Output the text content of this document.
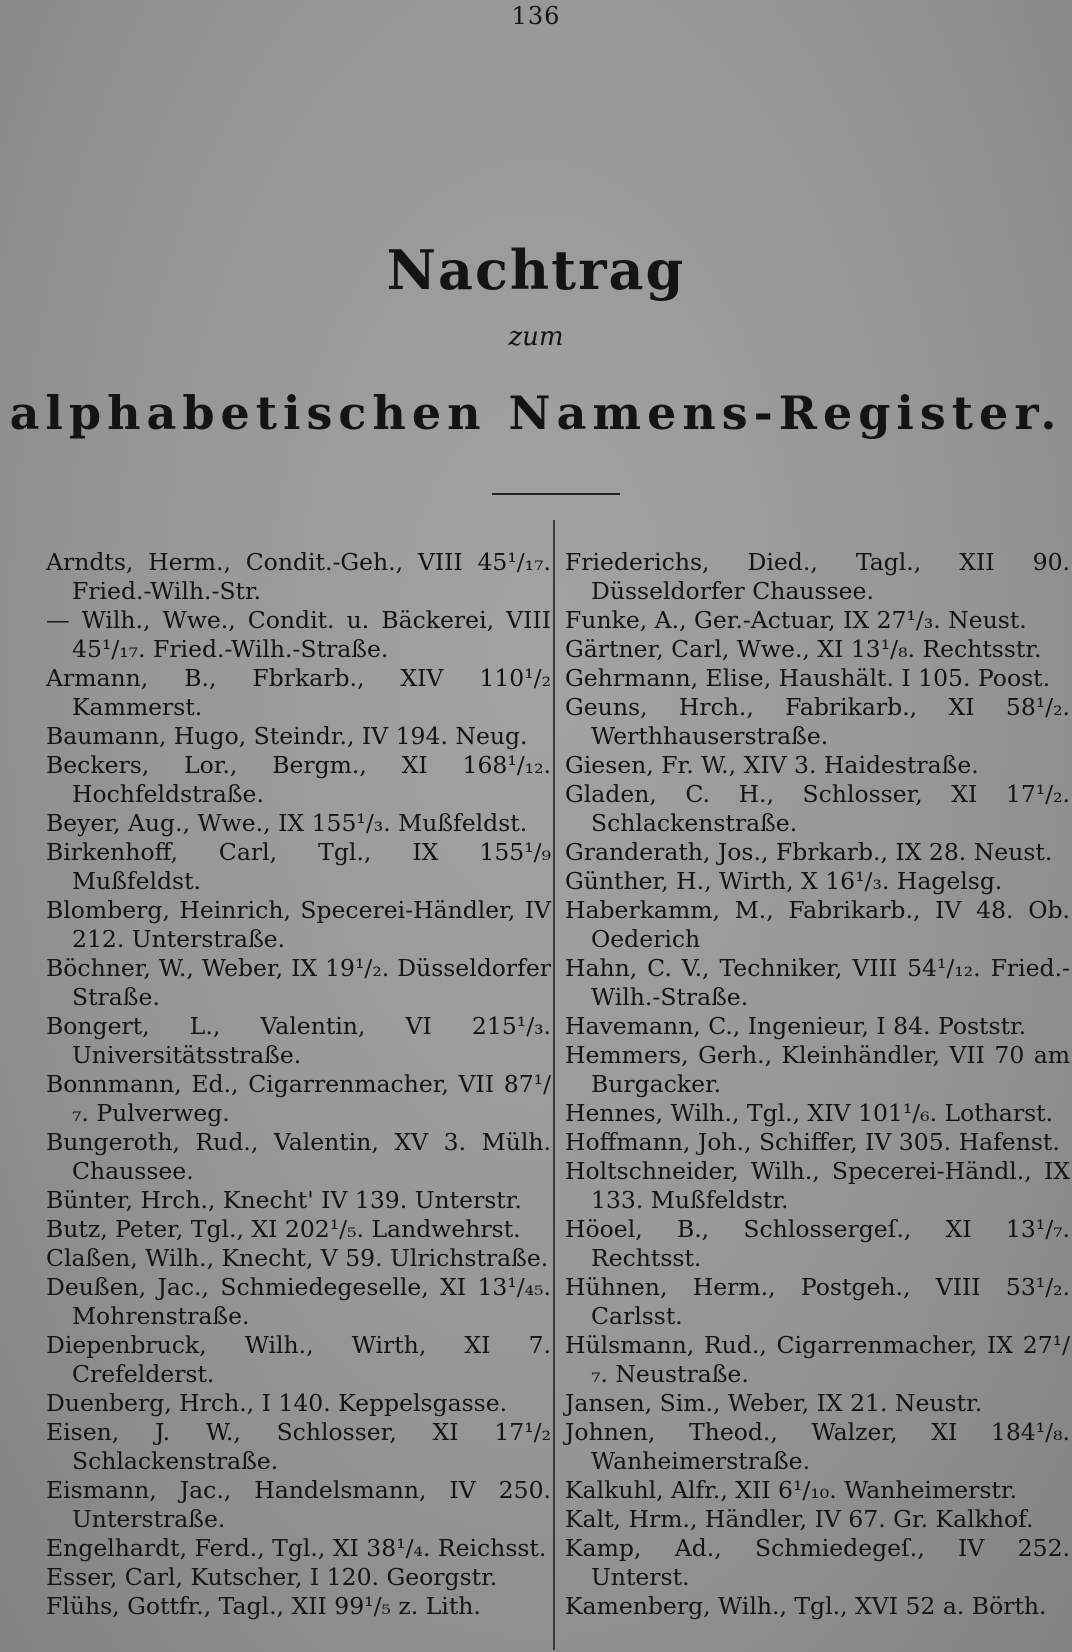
136
Nachtrag
zum
alphabetischen Namens-Register.

Arndts, Herm., Condit.-Geh., VIII 45¹/₁₇. Fried.-Wilh.-Str.

— Wilh., Wwe., Condit. u. Bäckerei, VIII 45¹/₁₇. Fried.-Wilh.-Straße.

Armann, B., Fbrkarb., XIV 110¹/₂ Kammerst.

Baumann, Hugo, Steindr., IV 194. Neug.

Beckers, Lor., Bergm., XI 168¹/₁₂. Hochfeldstraße.

Beyer, Aug., Wwe., IX 155¹/₃. Mußfeldst.

Birkenhoff, Carl, Tgl., IX 155¹/₉ Mußfeldst.

Blomberg, Heinrich, Specerei-Händler, IV 212. Unterstraße.

Böchner, W., Weber, IX 19¹/₂. Düsseldorfer Straße.

Bongert, L., Valentin, VI 215¹/₃. Universitätsstraße.

Bonnmann, Ed., Cigarrenmacher, VII 87¹/₇. Pulverweg.

Bungeroth, Rud., Valentin, XV 3. Mülh. Chaussee.

Bünter, Hrch., Knecht' IV 139. Unterstr.

Butz, Peter, Tgl., XI 202¹/₅. Landwehrst.

Claßen, Wilh., Knecht, V 59. Ulrichstraße.

Deußen, Jac., Schmiedegeselle, XI 13¹/₄₅. Mohrenstraße.

Diepenbruck, Wilh., Wirth, XI 7. Crefelderst.

Duenberg, Hrch., I 140. Keppelsgasse.

Eisen, J. W., Schlosser, XI 17¹/₂ Schlackenstraße.

Eismann, Jac., Handelsmann, IV 250. Unterstraße.

Engelhardt, Ferd., Tgl., XI 38¹/₄. Reichsst.

Esser, Carl, Kutscher, I 120. Georgstr.

Flühs, Gottfr., Tagl., XII 99¹/₅ z. Lith.

Friederichs, Died., Tagl., XII 90. Düsseldorfer Chaussee.

Funke, A., Ger.-Actuar, IX 27¹/₃. Neust.

Gärtner, Carl, Wwe., XI 13¹/₈. Rechtsstr.

Gehrmann, Elise, Haushält. I 105. Poost.

Geuns, Hrch., Fabrikarb., XI 58¹/₂. Werthhauserstraße.

Giesen, Fr. W., XIV 3. Haidestraße.

Gladen, C. H., Schlosser, XI 17¹/₂. Schlackenstraße.

Granderath, Jos., Fbrkarb., IX 28. Neust.

Günther, H., Wirth, X 16¹/₃. Hagelsg.

Haberkamm, M., Fabrikarb., IV 48. Ob. Oederich

Hahn, C. V., Techniker, VIII 54¹/₁₂. Fried.-Wilh.-Straße.

Havemann, C., Ingenieur, I 84. Poststr.

Hemmers, Gerh., Kleinhändler, VII 70 am Burgacker.

Hennes, Wilh., Tgl., XIV 101¹/₆. Lotharst.

Hoffmann, Joh., Schiffer, IV 305. Hafenst.

Holtschneider, Wilh., Specerei-Händl., IX 133. Mußfeldstr.

Höoel, B., Schlossergeſ., XI 13¹/₇. Rechtsst.

Hühnen, Herm., Postgeh., VIII 53¹/₂. Carlsst.

Hülsmann, Rud., Cigarrenmacher, IX 27¹/₇. Neustraße.

Jansen, Sim., Weber, IX 21. Neustr.

Johnen, Theod., Walzer, XI 184¹/₈. Wanheimerstraße.

Kalkuhl, Alfr., XII 6¹/₁₀. Wanheimerstr.

Kalt, Hrm., Händler, IV 67. Gr. Kalkhof.

Kamp, Ad., Schmiedegeſ., IV 252. Unterst.

Kamenberg, Wilh., Tgl., XVI 52 a. Börth.
